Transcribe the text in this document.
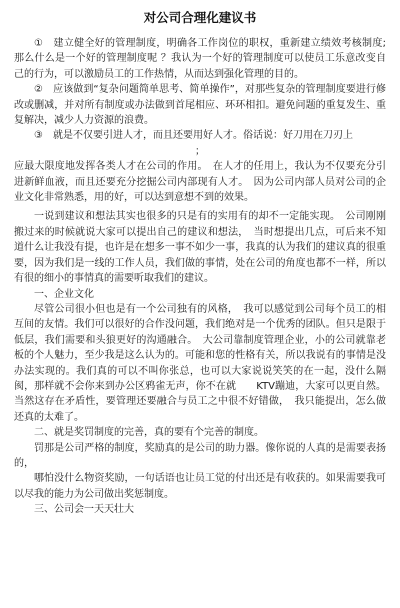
对公司合理化建议书

①　建立健全好的管理制度，明确各工作岗位的职权，重新建立绩效考核制度;那么什么是一个好的管理制度呢 ？我认为一个好的管理制度可以使员工乐意改变自己的行为，可以激励员工的工作热情，从而达到强化管理的目的。

②　应该做到“复杂问题简单思考、简单操作”，对那些复杂的管理制度要进行修改或删减，并对所有制度或办法做到首尾相应、环环相扣。避免问题的重复发生、重复解决，减少人力资源的浪费。

③　就是不仅要引进人才，而且还要用好人才。俗话说：好刀用在刀刃上

；

应最大限度地发挥各类人才在公司的作用。　在人才的任用上，我认为不仅要充分引进新鲜血液，而且还要充分挖掘公司内部现有人才。　因为公司内部人员对公司的企业文化非常熟悉，用的好，可以达到意想不到的效果。

一说到建议和想法其实也很多的只是有的实用有的却不一定能实现。　公司刚刚搬过来的时候就说大家可以提出自己的建议和想法，　当时想提出几点，可后来不知道什么让我没有提，也许是在想多一事不如少一事，我真的认为我们的建议真的很重要，因为我们是一线的工作人员，我们做的事情，处在公司的角度也都不一样，所以有很的细小的事情真的需要听取我们的建议。

一、企业文化

尽管公司很小但也是有一个公司独有的风格，　我可以感觉到公司每个员工的相互间的友情。我们可以很好的合作没问题，我们绝对是一个优秀的团队。但只是限于低层，我们需要和头狼更好的沟通融合。　大公司靠制度管理企业，小的公司就靠老板的个人魅力，至少我是这么认为的。可能和您的性格有关，所以我说有的事情是没办法实现的。我们真的可以不叫你张总，也可以大家说说笑笑的在一起，没什么隔阂，那样就不会你来到办公区鸦雀无声，你不在就　　KTV蹦迪，大家可以更自然。当然这存在矛盾性，要管理还要融合与员工之中很不好错做，　我只能提出，怎么做还真的太难了。

二、就是奖罚制度的完善，真的要有个完善的制度。

罚那是公司严格的制度，奖励真的是公司的助力器。像你说的人真的是需要表扬的，

哪怕没什么物资奖励，一句话语也让员工觉的付出还是有收获的。如果需要我可以尽我的能力为公司做出奖惩制度。

三、公司会一天天壮大
